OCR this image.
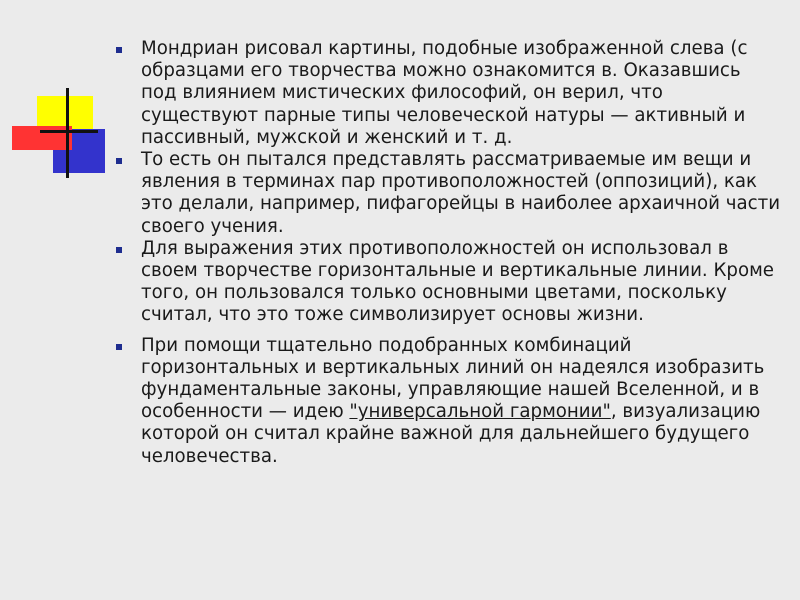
Мондриан рисовал картины, подобные изображенной слева (с образцами его творчества можно ознакомится в. Оказавшись под влиянием мистических философий, он верил, что существуют парные типы человеческой натуры — активный и пассивный, мужской и женский и т. д.
То есть он пытался представлять рассматриваемые им вещи и явления в терминах пар противоположностей (оппозиций), как это делали, например, пифагорейцы в наиболее архаичной части своего учения.
Для выражения этих противоположностей он использовал в своем творчестве горизонтальные и вертикальные линии. Кроме того, он пользовался только основными цветами, поскольку считал, что это тоже символизирует основы жизни.
При помощи тщательно подобранных комбинаций горизонтальных и вертикальных линий он надеялся изобразить фундаментальные законы, управляющие нашей Вселенной, и в особенности — идею "универсальной гармонии", визуализацию которой он считал крайне важной для дальнейшего будущего человечества.
